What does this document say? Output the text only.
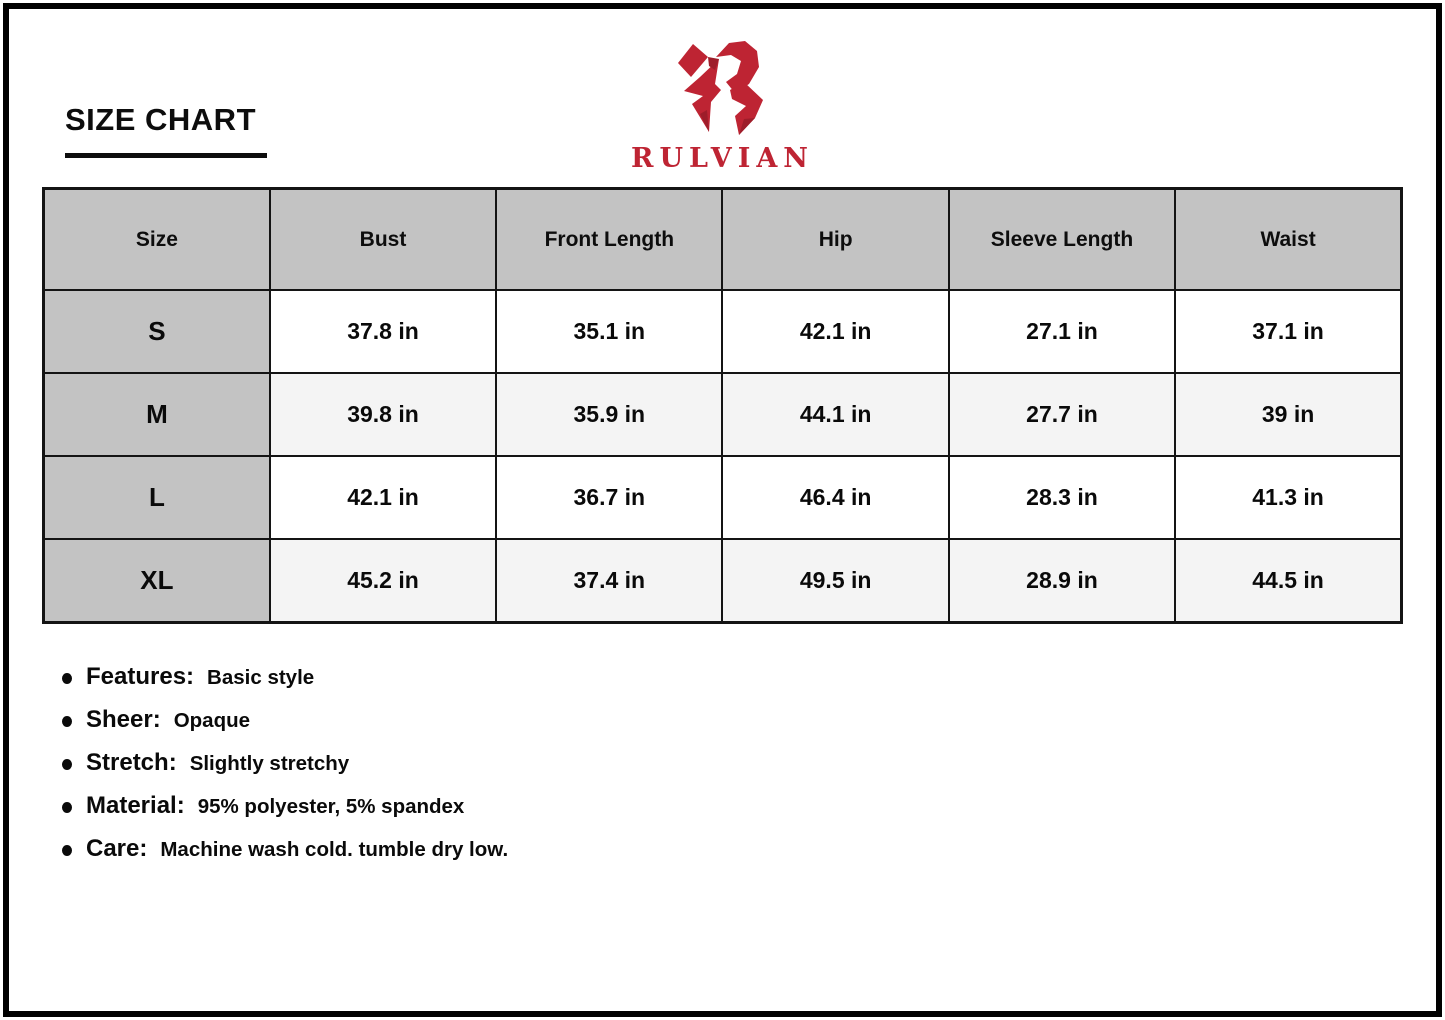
SIZE CHART
RULVIAN
Size	Bust	Front Length	Hip	Sleeve Length	Waist
S	37.8 in	35.1 in	42.1 in	27.1 in	37.1 in
M	39.8 in	35.9 in	44.1 in	27.7 in	39 in
L	42.1 in	36.7 in	46.4 in	28.3 in	41.3 in
XL	45.2 in	37.4 in	49.5 in	28.9 in	44.5 in
Features: Basic style
Sheer: Opaque
Stretch: Slightly stretchy
Material: 95% polyester, 5% spandex
Care: Machine wash cold. tumble dry low.
